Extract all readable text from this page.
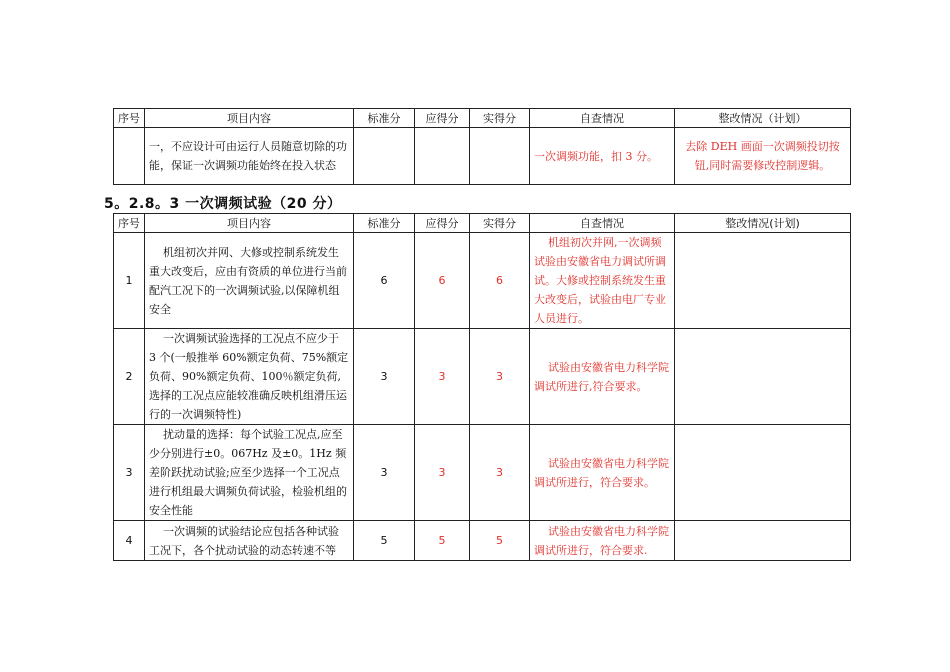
序号	项目内容	标准分	应得分	实得分	自查情况	整改情况（计划）
	一，不应设计可由运行人员随意切除的功能，保证一次调频功能始终在投入状态				一次调频功能，扣 3 分。	去除 DEH 画面一次调频投切按钮,同时需要修改控制逻辑。
5。2.8。3 一次调频试验（20 分）
序号	项目内容	标准分	应得分	实得分	自查情况	整改情况(计划)
1	机组初次并网、大修或控制系统发生重大改变后，应由有资质的单位进行当前配汽工况下的一次调频试验,以保障机组安全	6	6	6	机组初次并网,一次调频试验由安徽省电力调试所调试。大修或控制系统发生重大改变后，试验由电厂专业人员进行。	
2	一次调频试验选择的工况点不应少于 3 个(一般推举 60%额定负荷、75%额定负荷、90%额定负荷、100％额定负荷,选择的工况点应能较准确反映机组滑压运行的一次调频特性)	3	3	3	试验由安徽省电力科学院调试所进行,符合要求。	
3	扰动量的选择：每个试验工况点,应至少分别进行±0。067Hz 及±0。1Hz 频差阶跃扰动试验;应至少选择一个工况点进行机组最大调频负荷试验，检验机组的安全性能	3	3	3	试验由安徽省电力科学院调试所进行，符合要求。	
4	一次调频的试验结论应包括各种试验工况下，各个扰动试验的动态转速不等	5	5	5	试验由安徽省电力科学院调试所进行，符合要求.	
